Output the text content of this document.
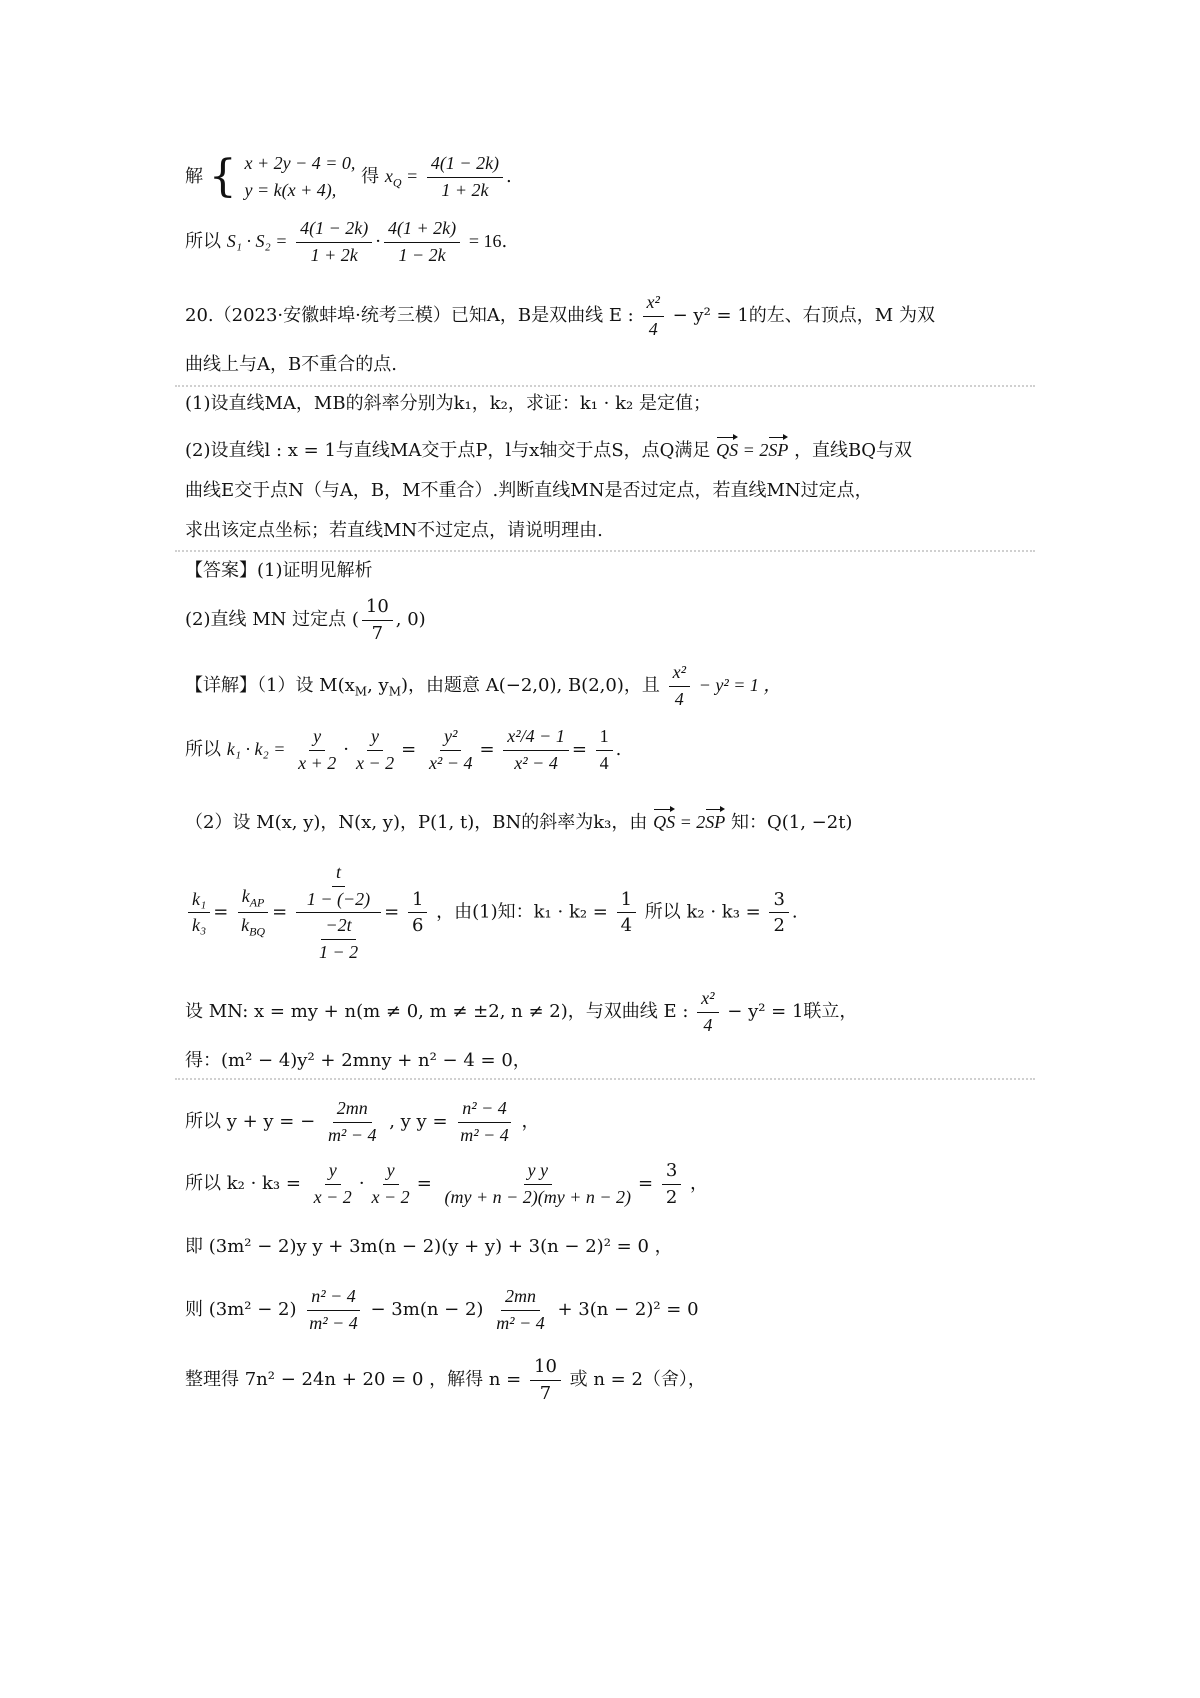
解 { x + 2y − 4 = 0,
y = k(x + 4),
得 $x_Q = \frac{4(1 - 2k)}{1 + 2k}$ .
所以 $S_1 \cdot S_2 = \frac{4(1 - 2k)}{1 + 2k} \cdot \frac{4(1 + 2k)}{1 - 2k} = 16$.
20.（2023·安徽蚌埠·统考三模）已知A，B是双曲线 E : $\frac{\text{x²}}{4} - y^2 = 1$的左、右顶点，M 为双
曲线上与A，B不重合的点.
(1)设直线MA，MB的斜率分别为k₁，k₂，求证：k₁ · k₂ 是定值；
(2)设直线l : x = 1与直线MA交于点P，l与x轴交于点S，点Q满足 QS = 2SP ，直线BQ与双
曲线E交于点N（与A，B，M不重合）.判断直线MN是否过定点，若直线MN过定点，
求出该定点坐标；若直线MN不过定点，请说明理由.
【答案】(1)证明见解析
(2)直线 MN 过定点 ( $\frac{10}{7}$ , 0)
【详解】（1）设 $M(x_M$, $y_M$)，由题意 A(−2,0), B(2,0)，且 $\frac{\text{x²}}{4} - y^2 = 1$ ，
所以 $k_1 \cdot k_2 = \frac{y}{x + 2} \cdot \frac{y}{x - 2} = \frac{\text{y²}}{\text{x² − 4}} = \frac{\text{x²/4 − 1}}{\text{x² − 4}} = \frac{1}{4}$ .
（2）设 M(x, y)，N(x, y)，P(1, t)，BN的斜率为k₃，由 QS = 2SP 知：Q(1, −2t)
$\frac{\text{k₁}}{\text{k₃}} = \frac{k_{AP}}{k_{BQ}} = \frac{\frac{t}{1 - (-2)}}{\frac{-2t}{1 - 2}} = \frac{1}{6}$ ，由(1)知：$k_1 \cdot k_2 = \frac{1}{4}$ 所以 $k_2 \cdot k_3 = \frac{3}{2}$ .
设 MN: x = my + n(m ≠ 0, m ≠ ±2, n ≠ 2)，与双曲线 E : $\frac{\text{x²}}{4} - y^2 = 1$联立，
得：(m² − 4)y² + 2mny + n² − 4 = 0，
所以 y + y = − $\frac{2mn}{\text{m² − 4}}$ , y $y = \frac{\text{n² − 4}}{\text{m² − 4}}$ ，
所以 $k_2 \cdot k_3 = \frac{y}{x - 2} \cdot \frac{y}{x - 2} = \frac{\text{y y}}{(my + n - 2)(my + n - 2)} = \frac{3}{2}$ ，
即 (3m² − 2)y y + 3m(n − 2)(y + y) + 3(n − 2)² = 0 ，
则 $(3m^2 - 2) \frac{\text{n² − 4}}{\text{m² − 4}} - 3m(n - 2) \frac{2mn}{\text{m² − 4}} + 3(n - 2)^2 = 0$
整理得 7n² − 24n + 20 = 0 ，解得 $n = \frac{10}{7}$ 或 n = 2（舍），
